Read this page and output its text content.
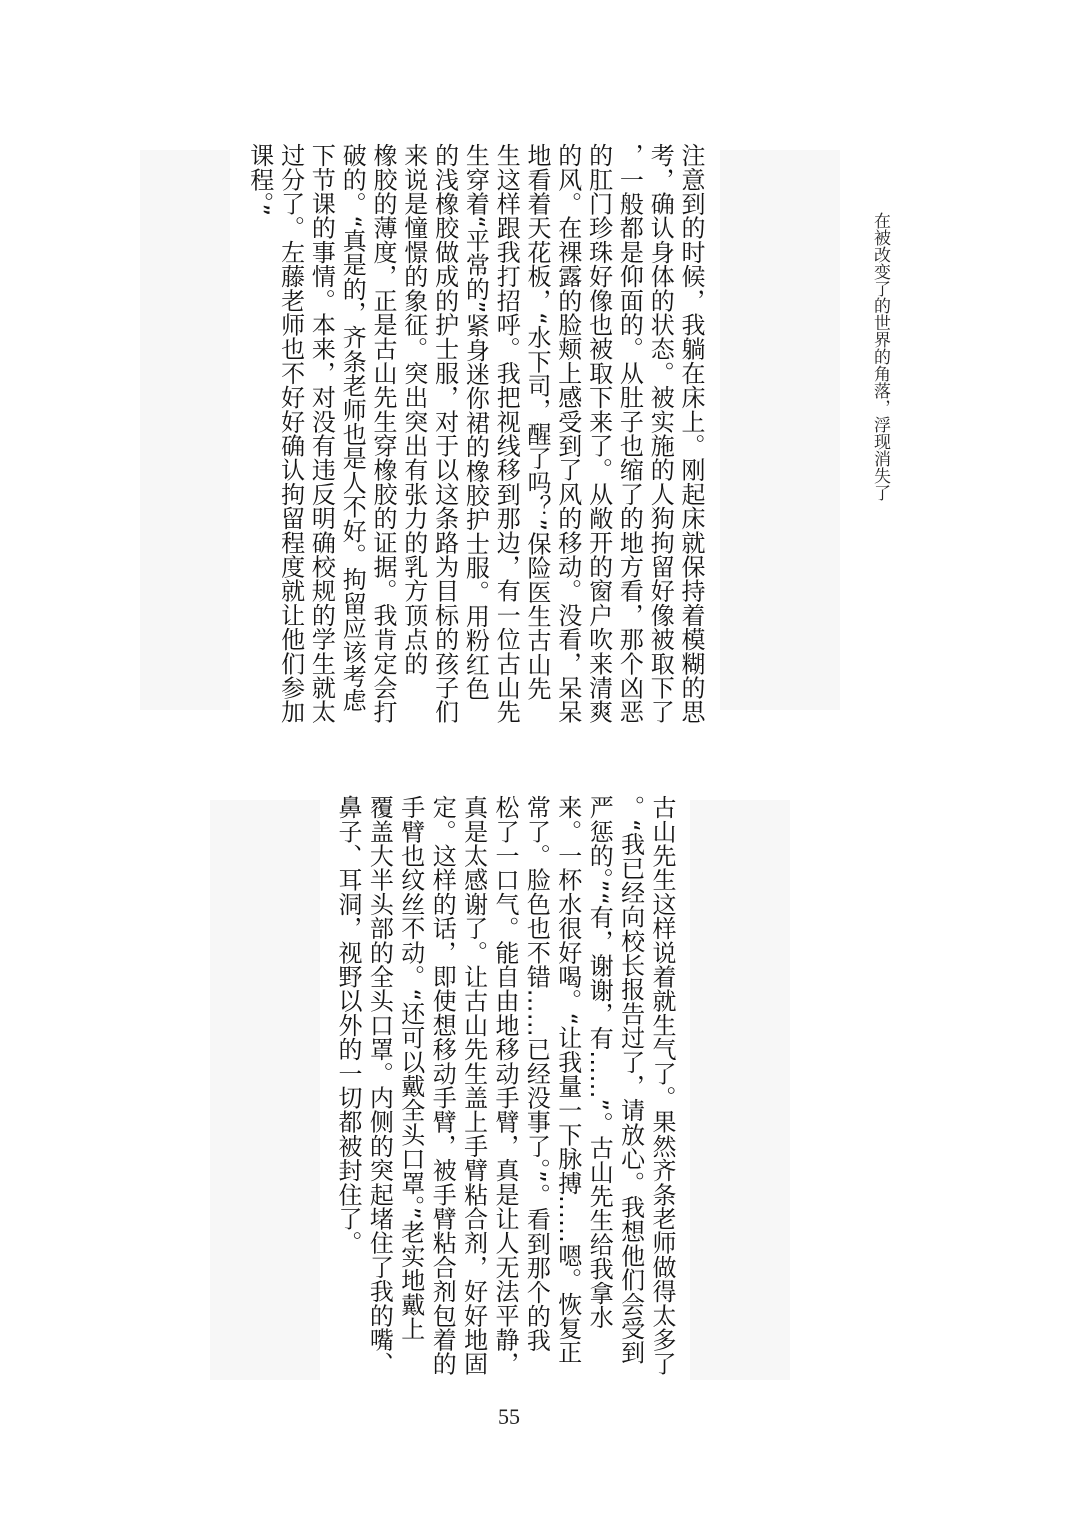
在被改变了的世界的角落，浮现消失了
注意到的时候，我躺在床上。刚起床就保持着模糊的思
考，确认身体的状态。被实施的人狗拘留好像被取下了
，一般都是仰面的。从肚子也缩了的地方看，那个凶恶
的肛门珍珠好像也被取下来了。从敞开的窗户吹来清爽
的风。在裸露的脸颊上感受到了风的移动。没看，呆呆
地看着天花板，“水下司，醒了吗？”保险医生古山先
生这样跟我打招呼。我把视线移到那边，有一位古山先
生穿着“平常的”紧身迷你裙的橡胶护士服。用粉红色
的浅橡胶做成的护士服，对于以这条路为目标的孩子们
来说是憧憬的象征。突出突出有张力的乳方顶点的
橡胶的薄度，正是古山先生穿橡胶的证据。我肯定会打
破的。“真是的，齐条老师也是人不好。拘留应该考虑
下节课的事情。本来，对没有违反明确校规的学生就太
过分了。左藤老师也不好好确认拘留程度就让他们参加
课程。”
古山先生这样说着就生气了。果然齐条老师做得太多了
。“我已经向校长报告过了，请放心。我想他们会受到
严惩的。”“有，谢谢，有……”。古山先生给我拿水
来。一杯水很好喝。“让我量一下脉搏……嗯。恢复正
常了。脸色也不错……已经没事了。”。看到那个的我
松了一口气。能自由地移动手臂，真是让人无法平静，
真是太感谢了。让古山先生盖上手臂粘合剂，好好地固
定。这样的话，即使想移动手臂，被手臂粘合剂包着的
手臂也纹丝不动。“还可以戴全头口罩。”老实地戴上
覆盖大半头部的全头口罩。内侧的突起堵住了我的嘴、
鼻子、耳洞，视野以外的一切都被封住了。
55
